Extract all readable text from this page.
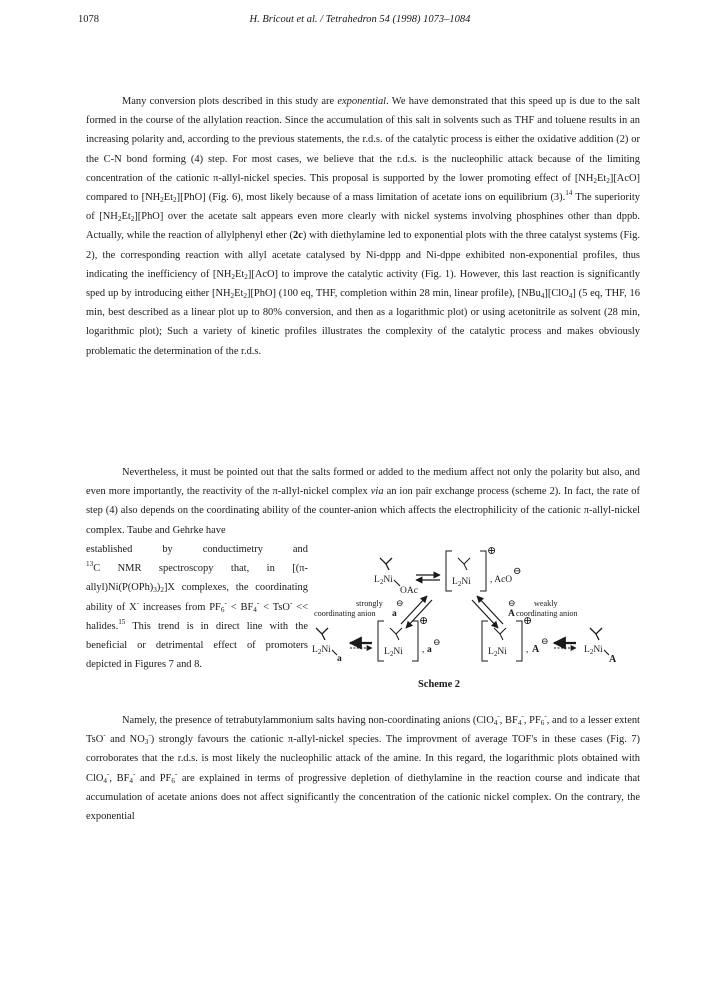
1078	H. Bricout et al. / Tetrahedron 54 (1998) 1073–1084

Many conversion plots described in this study are exponential. We have demonstrated that this speed up is due to the salt formed in the course of the allylation reaction. Since the accumulation of this salt in solvents such as THF and toluene results in an increasing polarity and, according to the previous statements, the r.d.s. of the catalytic process is either the oxidative addition (2) or the C-N bond forming (4) step. For most cases, we believe that the r.d.s. is the nucleophilic attack because of the limiting concentration of the cationic π-allyl-nickel species. This proposal is supported by the lower promoting effect of $[NH_2Et_2][AcO]$ compared to $[NH_2Et_2][PhO]$ (Fig. 6), most likely because of a mass limitation of acetate ions on equilibrium (3).$^{14}$ The superiority of $[NH_2Et_2][PhO]$ over the acetate salt appears even more clearly with nickel systems involving phosphines other than dppb. Actually, while the reaction of allylphenyl ether (2c) with diethylamine led to exponential plots with the three catalyst systems (Fig. 2), the corresponding reaction with allyl acetate catalysed by Ni-dppp and Ni-dppe exhibited non-exponential profiles, thus indicating the inefficiency of $[NH_2Et_2][AcO]$ to improve the catalytic activity (Fig. 1). However, this last reaction is significantly sped up by introducing either $[NH_2Et_2][PhO]$ (100 eq, THF, completion within 28 min, linear profile), [NBu$_4$][ClO$_4$] (5 eq, THF, 16 min, best described as a linear plot up to 80% conversion, and then as a logarithmic plot) or using acetonitrile as solvent (28 min, logarithmic plot); Such a variety of kinetic profiles illustrates the complexity of the catalytic process and makes obviously problematic the determination of the r.d.s.

Nevertheless, it must be pointed out that the salts formed or added to the medium affect not only the polarity but also, and even more importantly, the reactivity of the π-allyl-nickel complex via an ion pair exchange process (scheme 2). In fact, the rate of step (4) also depends on the coordinating ability of the counter-anion which affects the electrophilicity of the cationic π-allyl-nickel complex. Taube and Gehrke have

established by conductimetry and
$^{13}$C NMR spectroscopy that, in $[(\pi-allyl)Ni(P(OPh)_3)_2]X$ complexes, the coordinating ability of X- increases from $PF_6^- < BF_4^- < TsO^-$ << halides.$^{15}$ This trend is in direct line with the beneficial or detrimental effect of promoters depicted in Figures 7 and 8.

$L_2Ni$
OAc
$L_2Ni$
⊕
, AcO
⊖
strongly
coordinating anion a
⊖	⊖
A
weakly
coordinating anion
$L_2Ni$
a
$L_2Ni$
⊕
, a
⊖
$L_2Ni$
⊕
, A
⊖
$L_2Ni$
A
Scheme 2

Namely, the presence of tetrabutylammonium salts having non-coordinating anions (ClO$_4$-, $BF_4^-$, $PF_6^-$, and to a lesser extent TsO- and $NO_3^-$) strongly favours the cationic π-allyl-nickel species. The improvment of average TOF's in these cases (Fig. 7) corroborates that the r.d.s. is most likely the nucleophilic attack of the amine. In this regard, the logarithmic plots obtained with ClO$_4$-, $BF_4^-$ and $PF_6^-$ are explained in terms of progressive depletion of diethylamine in the reaction course and indicate that accumulation of acetate anions does not affect significantly the concentration of the cationic nickel complex. On the contrary, the exponential
